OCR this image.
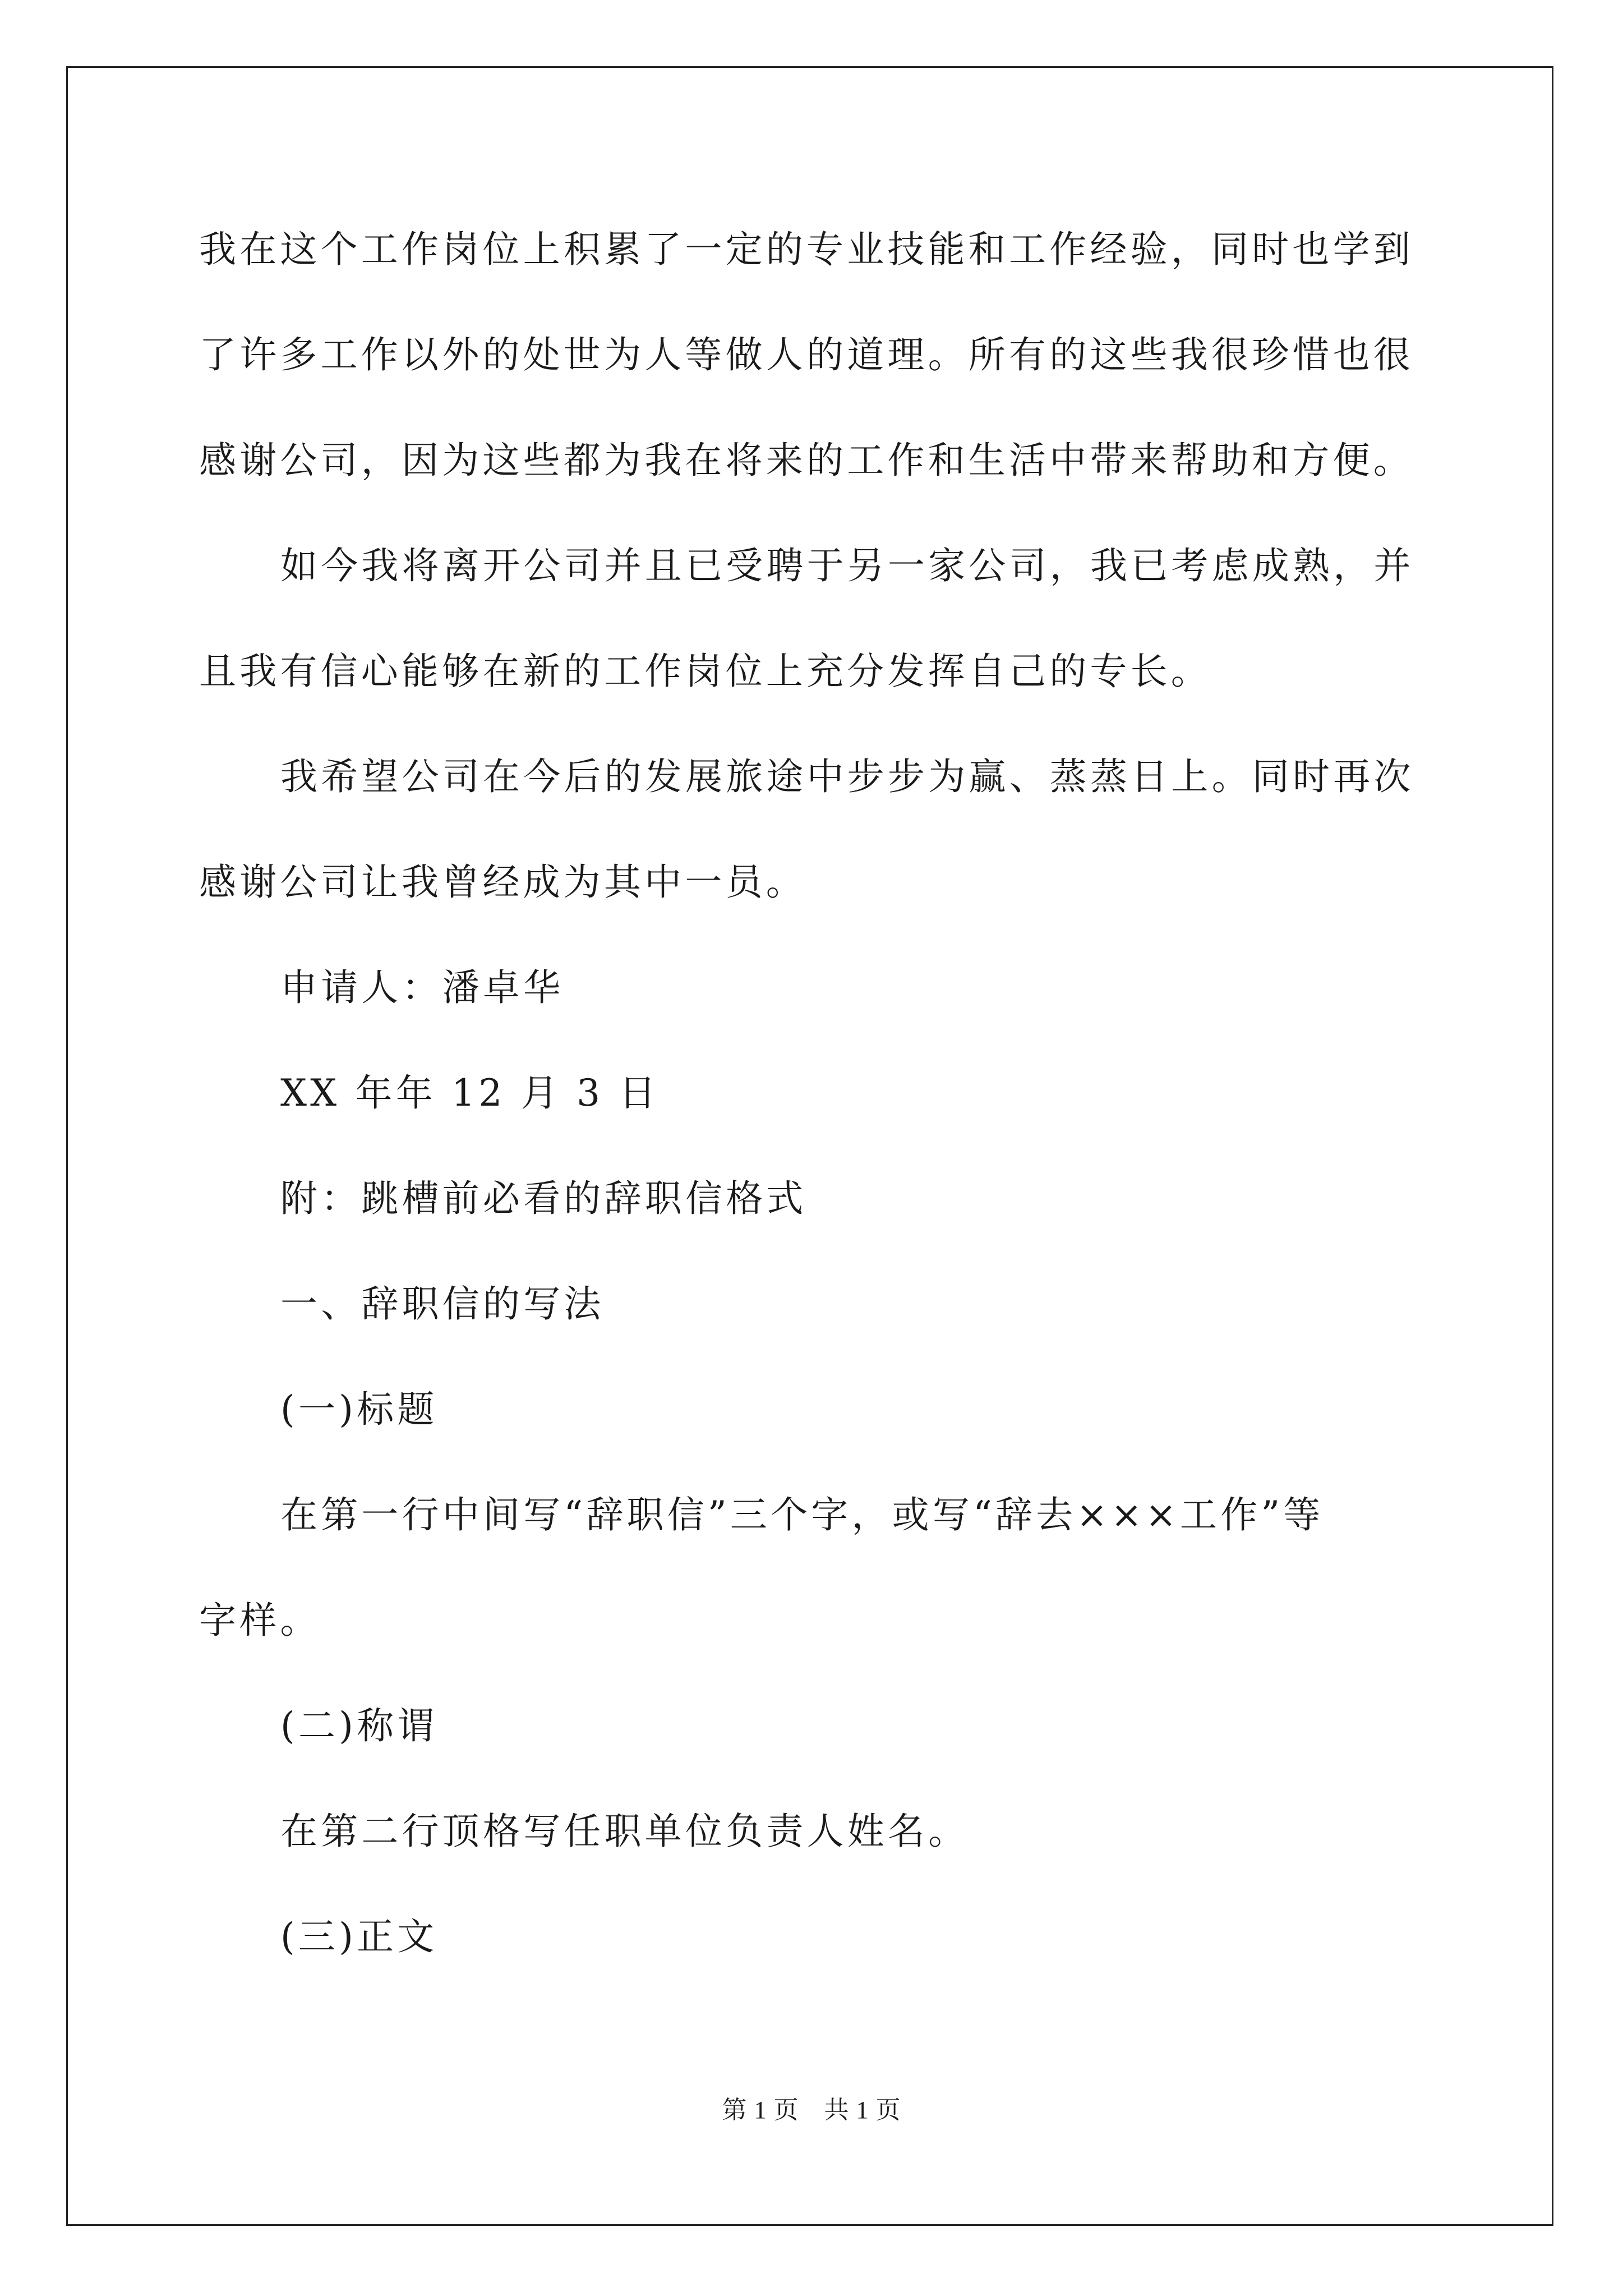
我在这个工作岗位上积累了一定的专业技能和工作经验，同时也学到
了许多工作以外的处世为人等做人的道理。所有的这些我很珍惜也很
感谢公司，因为这些都为我在将来的工作和生活中带来帮助和方便。
如今我将离开公司并且已受聘于另一家公司，我已考虑成熟，并
且我有信心能够在新的工作岗位上充分发挥自己的专长。
我希望公司在今后的发展旅途中步步为赢、蒸蒸日上。同时再次
感谢公司让我曾经成为其中一员。
申请人：潘卓华
XX 年年 12 月 3 日
附：跳槽前必看的辞职信格式
一、辞职信的写法
(一)标题
在第一行中间写“辞职信”三个字，或写“辞去×××工作”等
字样。
(二)称谓
在第二行顶格写任职单位负责人姓名。
(三)正文
第 1 页　共 1 页
